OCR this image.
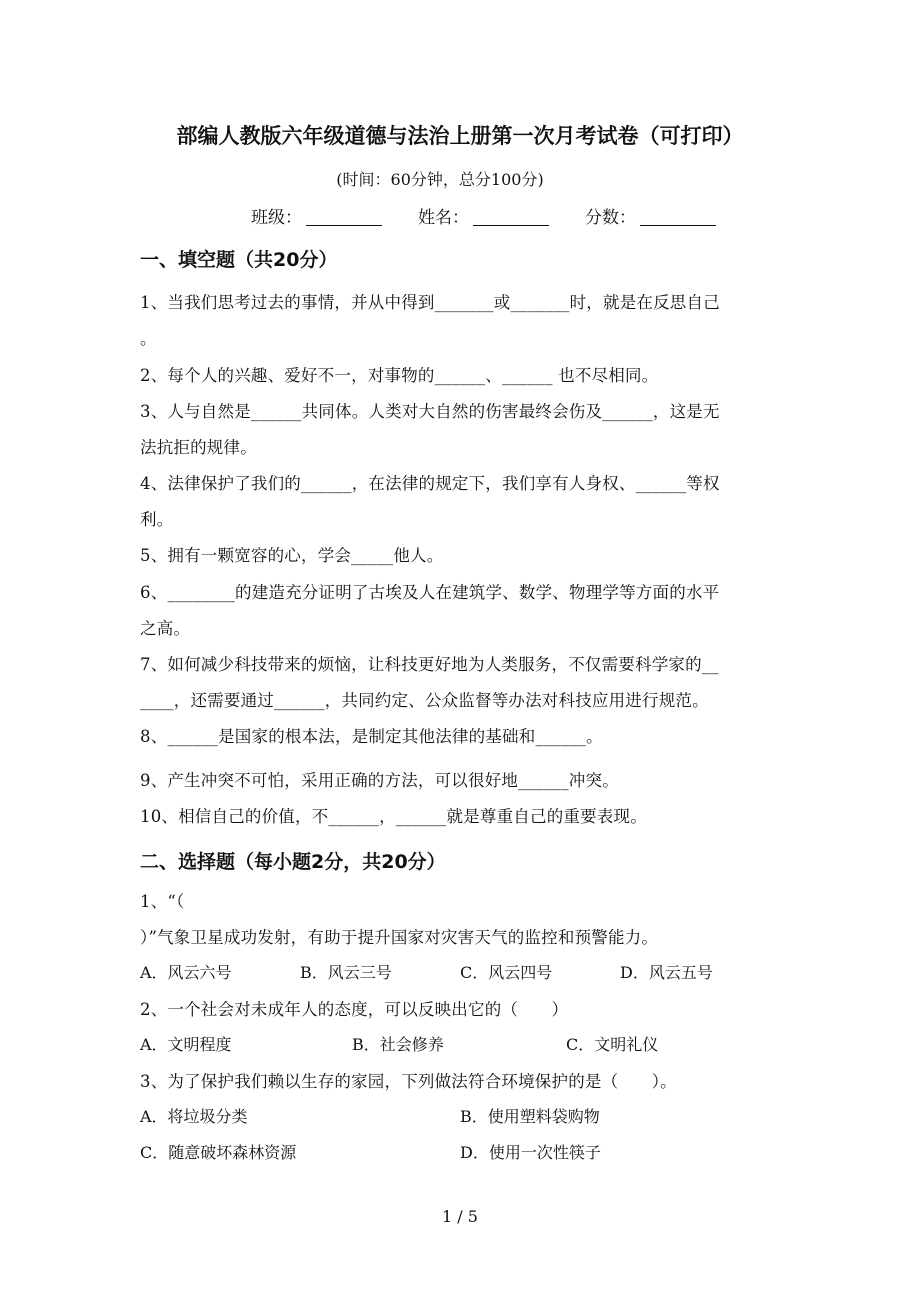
部编人教版六年级道德与法治上册第一次月考试卷（可打印）
(时间：60分钟，总分100分)
班级：	姓名：	分数：
一、填空题（共20分）
1、当我们思考过去的事情，并从中得到_______或_______时，就是在反思自己
。
2、每个人的兴趣、爱好不一，对事物的______、______ 也不尽相同。
3、人与自然是______共同体。人类对大自然的伤害最终会伤及______，这是无
法抗拒的规律。
4、法律保护了我们的______，在法律的规定下，我们享有人身权、______等权
利。
5、拥有一颗宽容的心，学会_____他人。
6、________的建造充分证明了古埃及人在建筑学、数学、物理学等方面的水平
之高。
7、如何减少科技带来的烦恼，让科技更好地为人类服务，不仅需要科学家的__
____，还需要通过______，共同约定、公众监督等办法对科技应用进行规范。
8、______是国家的根本法，是制定其他法律的基础和______。
9、产生冲突不可怕，采用正确的方法，可以很好地______冲突。
10、相信自己的价值，不______，______就是尊重自己的重要表现。
二、选择题（每小题2分，共20分）
1、“（
）”气象卫星成功发射，有助于提升国家对灾害天气的监控和预警能力。
A．风云六号	B．风云三号	C．风云四号	D．风云五号
2、一个社会对未成年人的态度，可以反映出它的（　　）
A．文明程度	B．社会修养	C．文明礼仪
3、为了保护我们赖以生存的家园，下列做法符合环境保护的是（　　）。
A．将垃圾分类	B．使用塑料袋购物
C．随意破坏森林资源	D．使用一次性筷子
1 / 5
